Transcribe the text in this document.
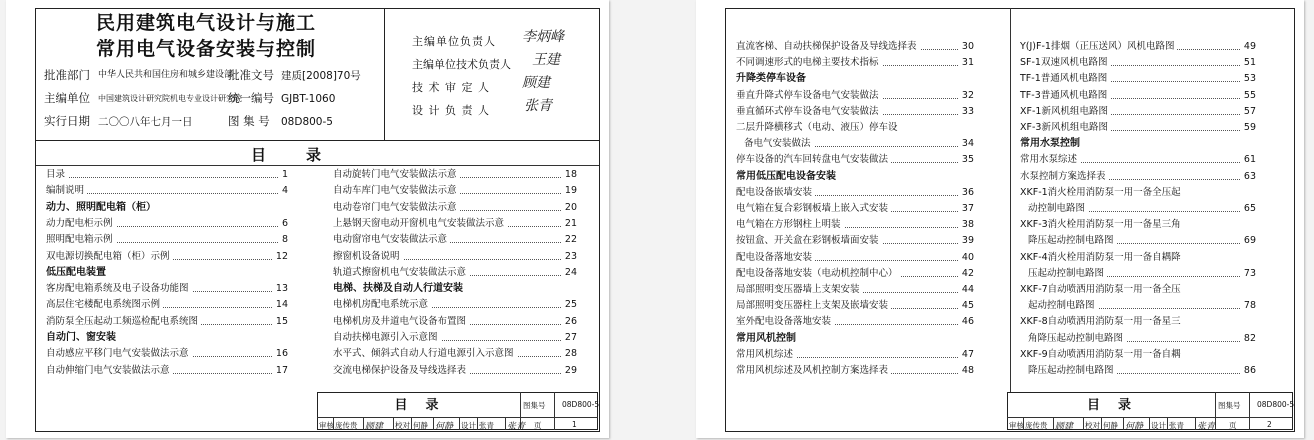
民用建筑电气设计与施工
常用电气设备安装与控制
批准部门 中华人民共和国住房和城乡建设部
批准文号 建质[2008]70号
主编单位 中国建筑设计研究院机电专业设计研究院
统一编号 GJBT-1060
实行日期 二〇〇八年七月一日	图 集 号 08D800-5
主编单位负责人 李炳峰
主编单位技术负责人 王建
技 术 审 定 人 顾建
设 计 负 责 人 张青
目录
目录	1
编制说明	4
动力、照明配电箱（柜）
动力配电柜示例	6
照明配电箱示例	8
双电源切换配电箱（柜）示例	12
低压配电装置
客房配电箱系统及电子设备功能图	13
高层住宅楼配电系统图示例	14
消防泵全压起动工频巡检配电系统图	15
自动门、窗安装
自动感应平移门电气安装做法示意	16
自动伸缩门电气安装做法示意	17
自动旋转门电气安装做法示意	18
自动车库门电气安装做法示意	19
电动卷帘门电气安装做法示意	20
上悬钢天窗电动开窗机电气安装做法示意	21
电动窗帘电气安装做法示意	22
擦窗机设备说明	23
轨道式擦窗机电气安装做法示意	24
电梯、扶梯及自动人行道安装
电梯机房配电系统示意	25
电梯机房及井道电气设备布置图	26
自动扶梯电源引入示意图	27
水平式、倾斜式自动人行道电源引入示意图	28
交流电梯保护设备及导线选择表	29
目录	图集号 08D800-5
审核 庞传贵 顾建 校对 何静 何静 设计 张青 张青 页	1
直流客梯、自动扶梯保护设备及导线选择表	30
不同调速形式的电梯主要技术指标	31
升降类停车设备
垂直升降式停车设备电气安装做法	32
垂直循环式停车设备电气安装做法	33
二层升降横移式（电动、液压）停车设
备电气安装做法	34
停车设备的汽车回转盘电气安装做法	35
常用低压配电设备安装
配电设备嵌墙安装	36
电气箱在复合彩钢板墙上嵌入式安装	37
电气箱在方形钢柱上明装	38
按钮盒、开关盒在彩钢板墙面安装	39
配电设备落地安装	40
配电设备落地安装（电动机控制中心）	42
局部照明变压器墙上支架安装	44
局部照明变压器柱上支架及嵌墙安装	45
室外配电设备落地安装	46
常用风机控制
常用风机综述	47
常用风机综述及风机控制方案选择表	48
Y(J)F-1排烟（正压送风）风机电路图	49
SF-1双速风机电路图	51
TF-1普通风机电路图	53
TF-3普通风机电路图	55
XF-1新风机组电路图	57
XF-3新风机组电路图	59
常用水泵控制
常用水泵综述	61
水泵控制方案选择表	63
XKF-1消火栓用消防泵一用一备全压起
动控制电路图	65
XKF-3消火栓用消防泵一用一备星三角
降压起动控制电路图	69
XKF-4消火栓用消防泵一用一备自耦降
压起动控制电路图	73
XKF-7自动喷洒用消防泵一用一备全压
起动控制电路图	78
XKF-8自动喷洒用消防泵一用一备星三
角降压起动控制电路图	82
XKF-9自动喷洒用消防泵一用一备自耦
降压起动控制电路图	86
目录	图集号 08D800-5
审核 庞传贵 顾建 校对 何静 何静 设计 张青 张青 页	2
